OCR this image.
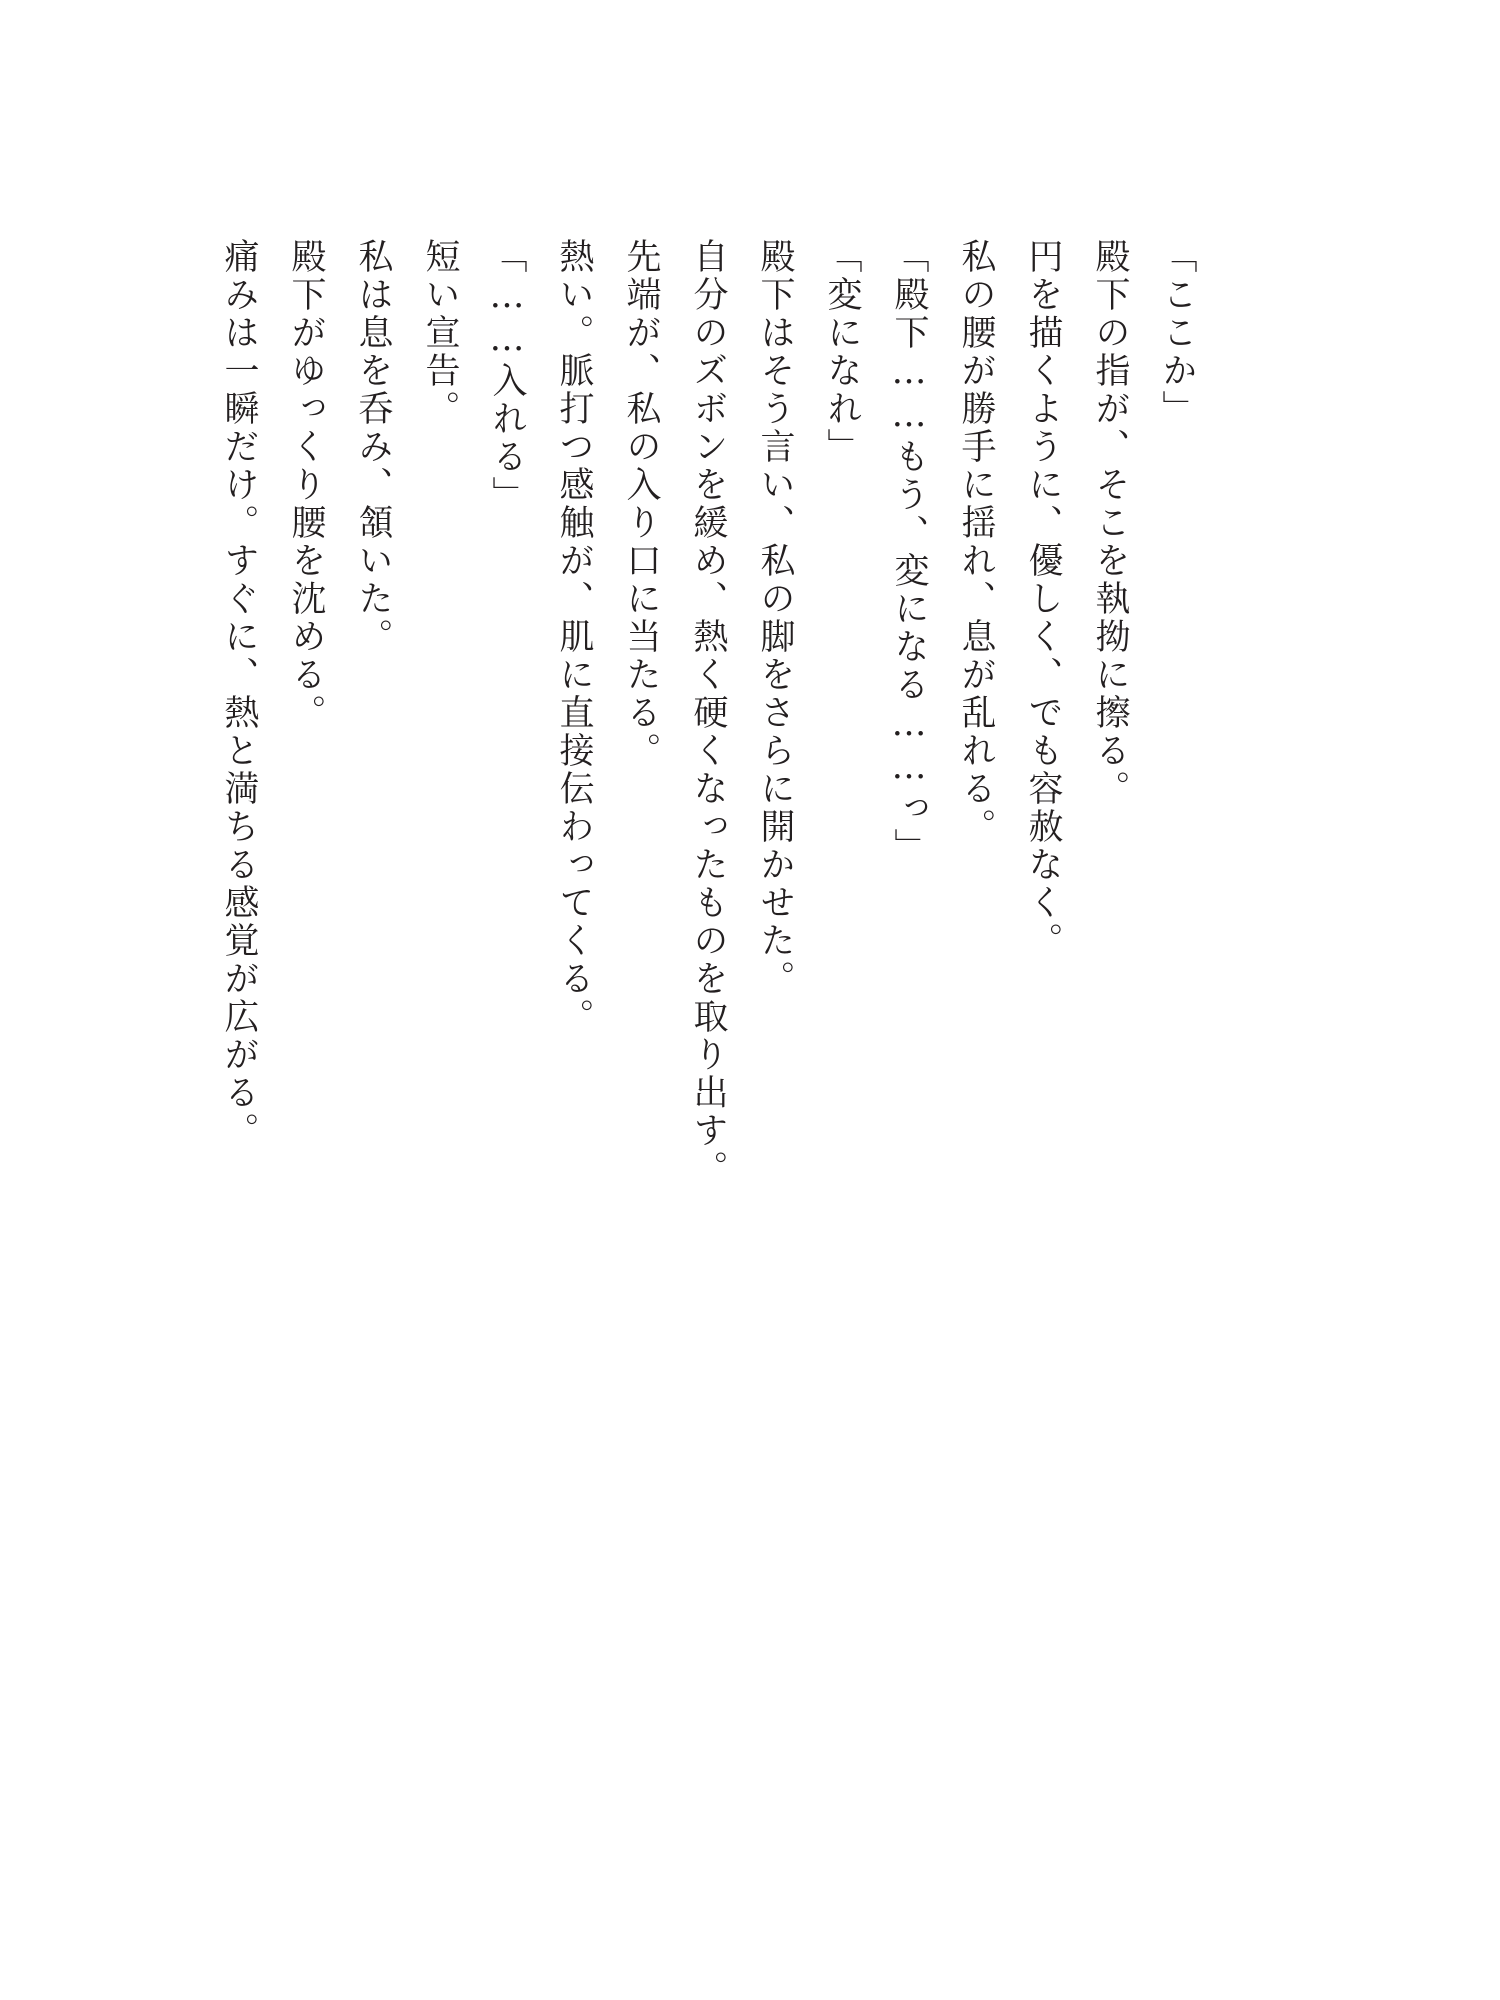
「ここか」
殿下の指が、そこを執拗に擦る。
円を描くように、優しく、でも容赦なく。
私の腰が勝手に揺れ、息が乱れる。
「殿下……もう、変になる……っ」
「変になれ」
殿下はそう言い、私の脚をさらに開かせた。
自分のズボンを緩め、熱く硬くなったものを取り出す。
先端が、私の入り口に当たる。
熱い。脈打つ感触が、肌に直接伝わってくる。
「……入れる」
短い宣告。
私は息を呑み、頷いた。
殿下がゆっくり腰を沈める。
痛みは一瞬だけ。すぐに、熱と満ちる感覚が広がる。
